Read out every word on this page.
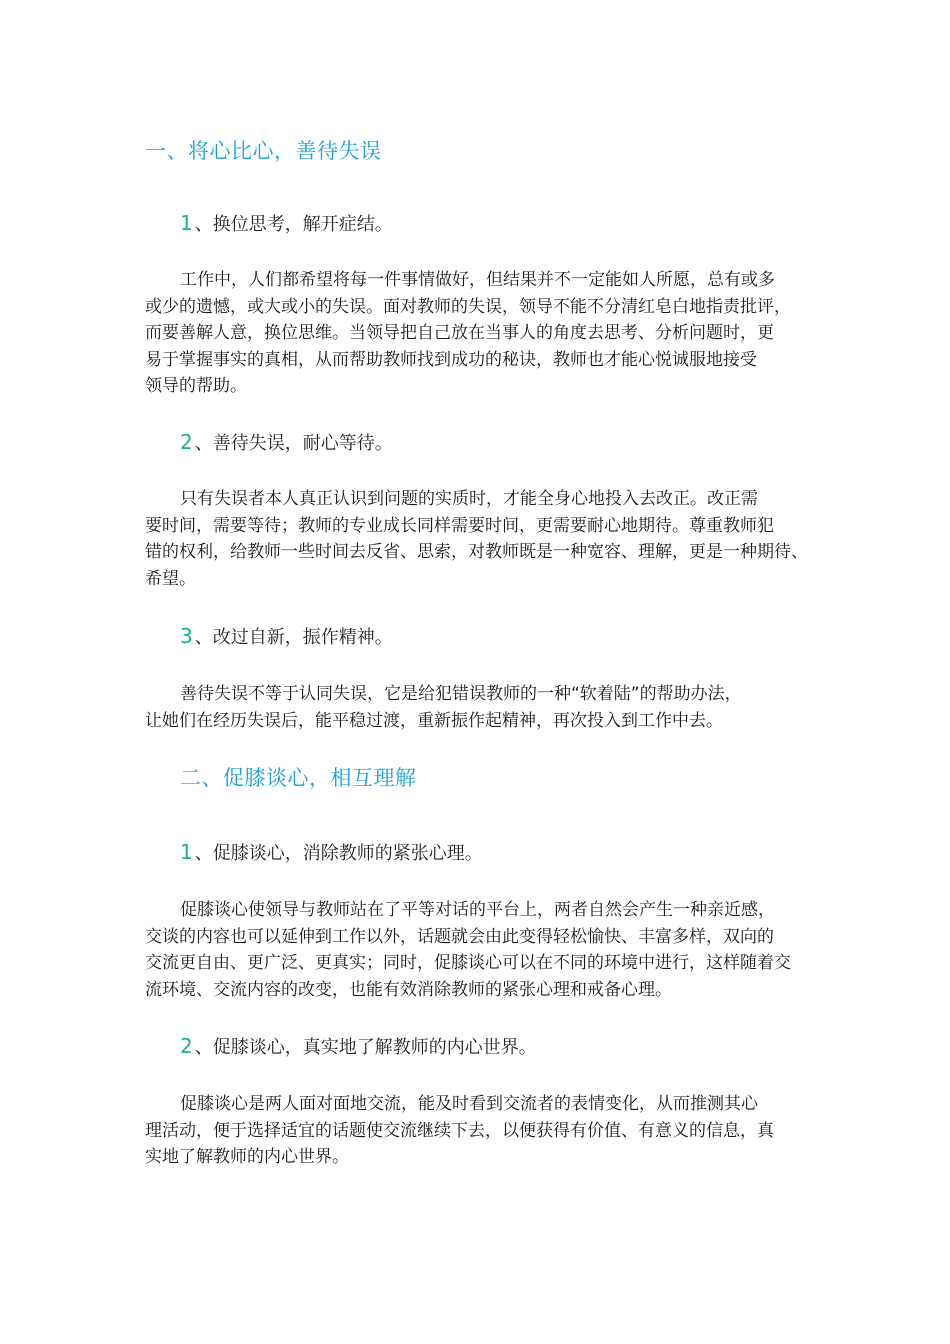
一、将心比心，善待失误
1 、换位思考，解开症结。
工作中，人们都希望将每一件事情做好，但结果并不一定能如人所愿，总有或多
或少的遗憾，或大或小的失误。面对教师的失误，领导不能不分清红皂白地指责批评，
而要善解人意，换位思维。当领导把自己放在当事人的角度去思考、分析问题时，更
易于掌握事实的真相，从而帮助教师找到成功的秘诀，教师也才能心悦诚服地接受
领导的帮助。
2 、善待失误，耐心等待。
只有失误者本人真正认识到问题的实质时，才能全身心地投入去改正。改正需
要时间，需要等待；教师的专业成长同样需要时间，更需要耐心地期待。尊重教师犯
错的权利，给教师一些时间去反省、思索，对教师既是一种宽容、理解，更是一种期待、
希望。
3 、改过自新，振作精神。
善待失误不等于认同失误，它是给犯错误教师的一种“软着陆”的帮助办法，
让她们在经历失误后，能平稳过渡，重新振作起精神，再次投入到工作中去。
二、促膝谈心，相互理解
1 、促膝谈心，消除教师的紧张心理。
促膝谈心使领导与教师站在了平等对话的平台上，两者自然会产生一种亲近感，
交谈的内容也可以延伸到工作以外，话题就会由此变得轻松愉快、丰富多样，双向的
交流更自由、更广泛、更真实；同时，促膝谈心可以在不同的环境中进行，这样随着交
流环境、交流内容的改变，也能有效消除教师的紧张心理和戒备心理。
2 、促膝谈心，真实地了解教师的内心世界。
促膝谈心是两人面对面地交流，能及时看到交流者的表情变化，从而推测其心
理活动，便于选择适宜的话题使交流继续下去，以便获得有价值、有意义的信息，真
实地了解教师的内心世界。
